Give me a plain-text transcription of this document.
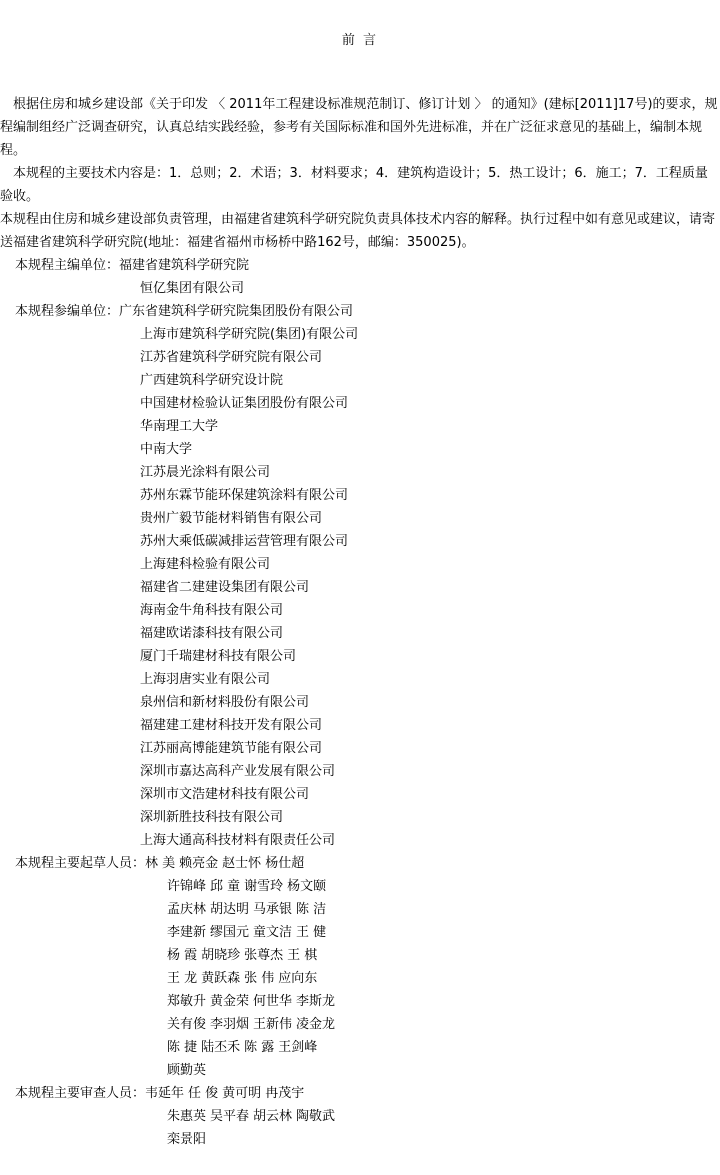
前 言

根据住房和城乡建设部《关于印发 〈 2011年工程建设标准规范制订、修订计划 〉 的通知》(建标[2011]17号)的要求，规程编制组经广泛调查研究，认真总结实践经验，参考有关国际标准和国外先进标准，并在广泛征求意见的基础上，编制本规程。

本规程的主要技术内容是：1．总则；2．术语；3．材料要求；4．建筑构造设计；5．热工设计；6．施工；7．工程质量验收。

本规程由住房和城乡建设部负责管理，由福建省建筑科学研究院负责具体技术内容的解释。执行过程中如有意见或建议，请寄送福建省建筑科学研究院(地址：福建省福州市杨桥中路162号，邮编：350025)。

本规程主编单位： 福建省建筑科学研究院
恒亿集团有限公司
本规程参编单位： 广东省建筑科学研究院集团股份有限公司
上海市建筑科学研究院(集团)有限公司
江苏省建筑科学研究院有限公司
广西建筑科学研究设计院
中国建材检验认证集团股份有限公司
华南理工大学
中南大学
江苏晨光涂料有限公司
苏州东霖节能环保建筑涂料有限公司
贵州广毅节能材料销售有限公司
苏州大乘低碳减排运营管理有限公司
上海建科检验有限公司
福建省二建建设集团有限公司
海南金牛角科技有限公司
福建欧诺漆科技有限公司
厦门千瑞建材科技有限公司
上海羽唐实业有限公司
泉州信和新材料股份有限公司
福建建工建材科技开发有限公司
江苏丽高博能建筑节能有限公司
深圳市嘉达高科产业发展有限公司
深圳市文浩建材科技有限公司
深圳新胜技科技有限公司
上海大通高科技材料有限责任公司
本规程主要起草人员： 林 美 赖亮金 赵士怀 杨仕超
许锦峰 邱 童 谢雪玲 杨文颐
孟庆林 胡达明 马承银 陈 洁
李建新 缪国元 童文洁 王 健
杨 霞 胡晓珍 张尊杰 王 棋
王 龙 黄跃森 张 伟 应向东
郑敏升 黄金荣 何世华 李斯龙
关有俊 李羽烟 王新伟 凌金龙
陈 捷 陆丕禾 陈 露 王剑峰
顾勤英
本规程主要审查人员： 韦延年 任 俊 黄可明 冉茂宇
朱惠英 吴平春 胡云林 陶敬武
栾景阳
